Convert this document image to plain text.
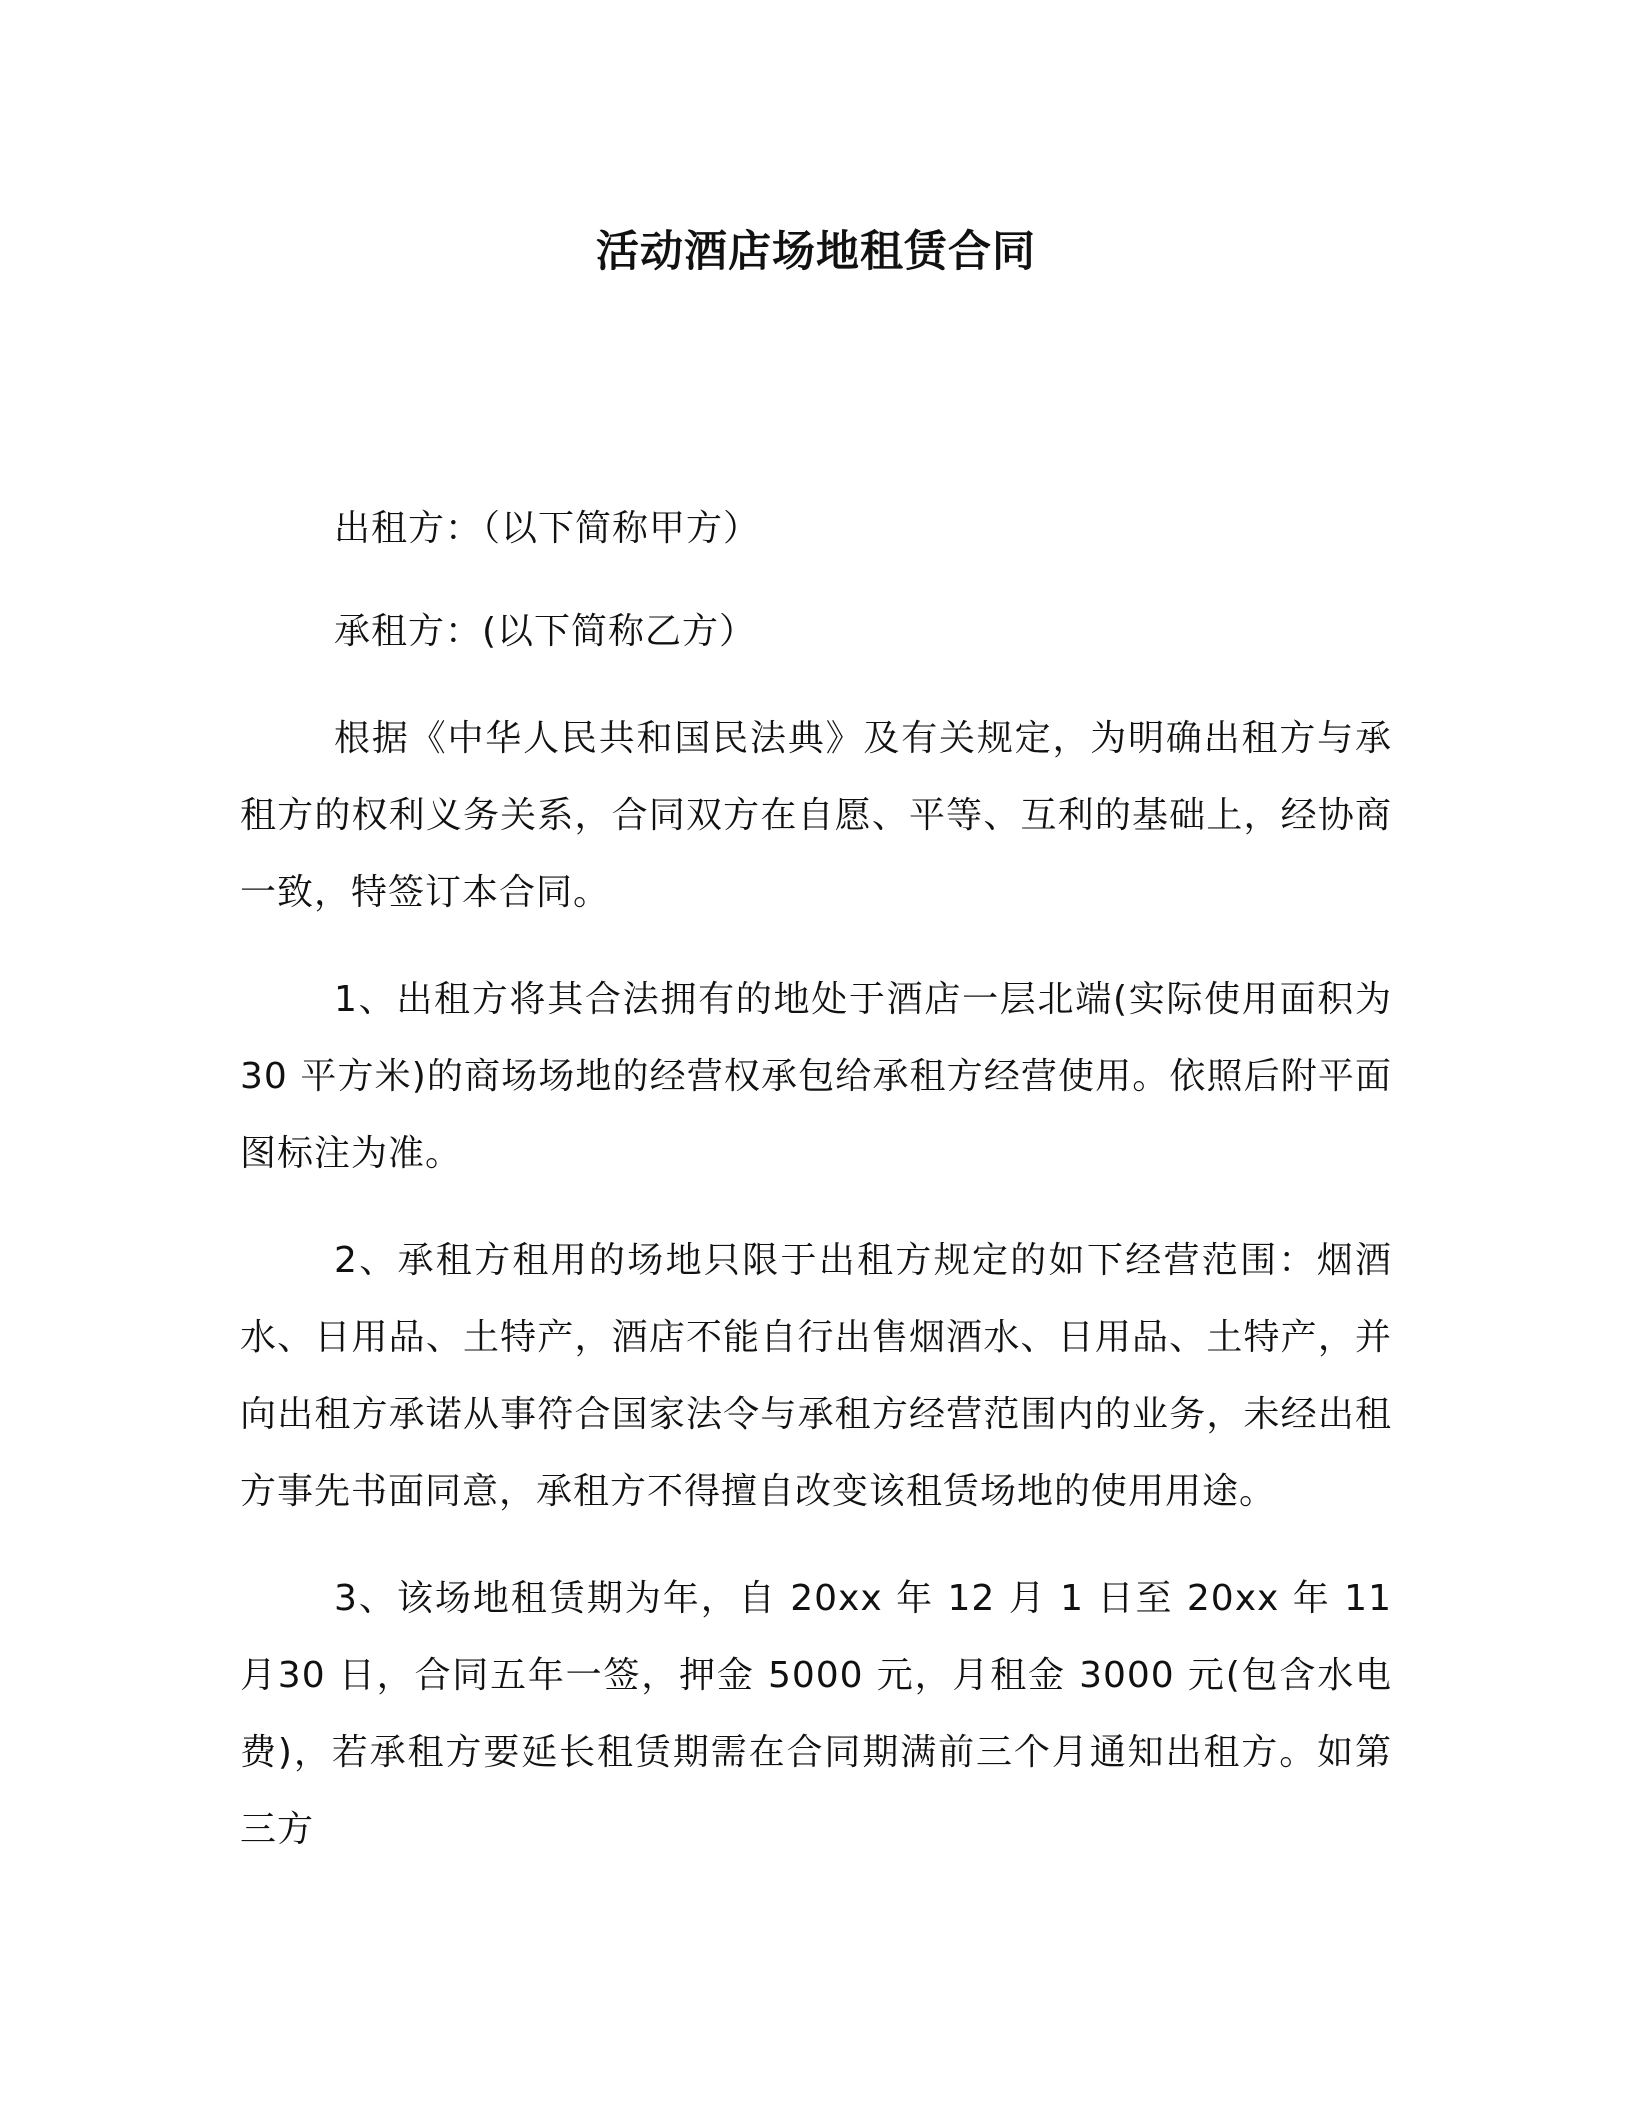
活动酒店场地租赁合同

出租方：（以下简称甲方）

承租方：(以下简称乙方）

根据《中华人民共和国民法典》及有关规定，为明确出租方与承租方的权利义务关系，合同双方在自愿、平等、互利的基础上，经协商一致，特签订本合同。

1、出租方将其合法拥有的地处于酒店一层北端(实际使用面积为30 平方米)的商场场地的经营权承包给承租方经营使用。依照后附平面图标注为准。

2、承租方租用的场地只限于出租方规定的如下经营范围：烟酒水、日用品、土特产，酒店不能自行出售烟酒水、日用品、土特产，并向出租方承诺从事符合国家法令与承租方经营范围内的业务，未经出租方事先书面同意，承租方不得擅自改变该租赁场地的使用用途。

3、该场地租赁期为年，自 20xx 年 12 月 1 日至 20xx 年 11 月30 日，合同五年一签，押金 5000 元，月租金 3000 元(包含水电费)，若承租方要延长租赁期需在合同期满前三个月通知出租方。如第三方
